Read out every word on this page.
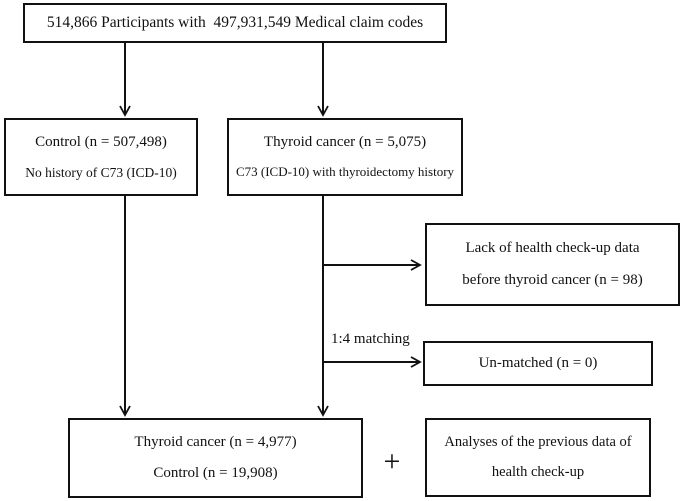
514,866 Participants with  497,931,549 Medical claim codes
Control (n = 507,498)
No history of C73 (ICD-10)
Thyroid cancer (n = 5,075)
C73 (ICD-10) with thyroidectomy history
Lack of health check-up data
before thyroid cancer (n = 98)
Un-matched (n = 0)
Thyroid cancer (n = 4,977)
Control (n = 19,908)
Analyses of the previous data of
health check-up
1:4 matching
+
